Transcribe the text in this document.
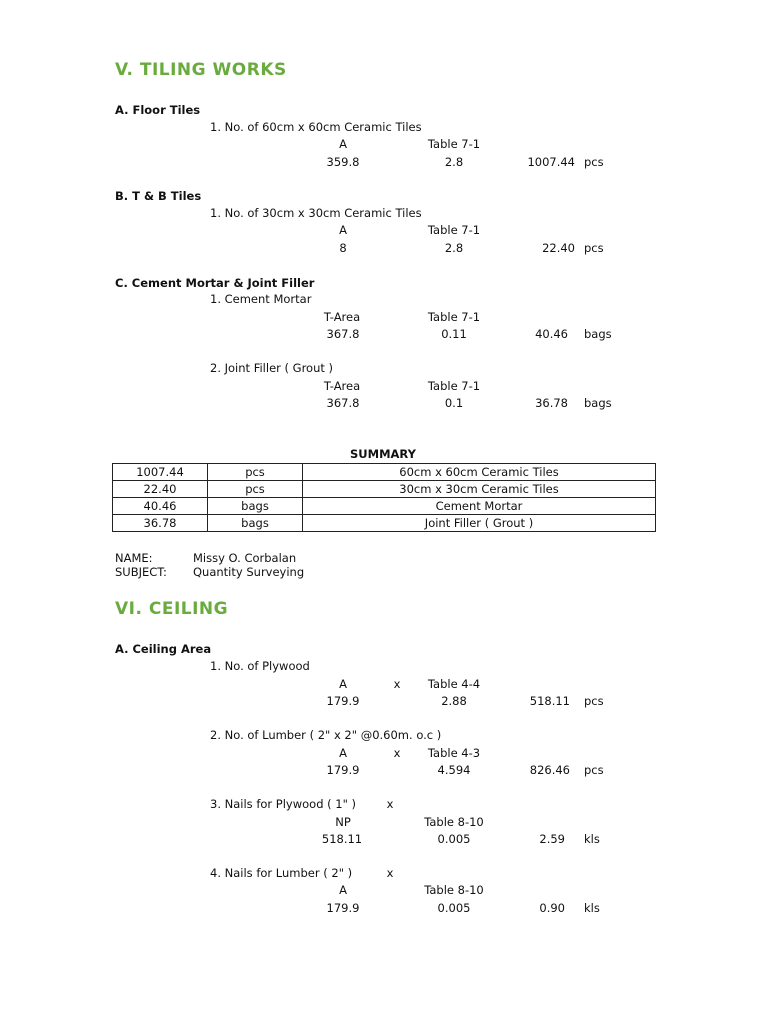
V. TILING WORKS
A. Floor Tiles
1. No. of 60cm x 60cm Ceramic Tiles
A	Table 7-1
359.8	2.8	1007.44 pcs
B. T & B Tiles
1. No. of 30cm x 30cm Ceramic Tiles
A	Table 7-1
8	2.8	22.40 pcs
C. Cement Mortar & Joint Filler
1. Cement Mortar
T-Area	Table 7-1
367.8	0.11	40.46 bags
2. Joint Filler ( Grout )
T-Area	Table 7-1
367.8	0.1	36.78 bags
SUMMARY
1007.44	pcs	60cm x 60cm Ceramic Tiles
22.40	pcs	30cm x 30cm Ceramic Tiles
40.46	bags	Cement Mortar
36.78	bags	Joint Filler ( Grout )
NAME:	Missy O. Corbalan
SUBJECT: Quantity Surveying
VI. CEILING
A. Ceiling Area
1. No. of Plywood
A	x Table 4-4
179.9	2.88	518.11 pcs
2. No. of Lumber ( 2" x 2" @0.60m. o.c )
A	x Table 4-3
179.9	4.594	826.46 pcs
3. Nails for Plywood ( 1" )	x
NP	Table 8-10
518.11	0.005	2.59 kls
4. Nails for Lumber ( 2" )	x
A	Table 8-10
179.9	0.005	0.90 kls
